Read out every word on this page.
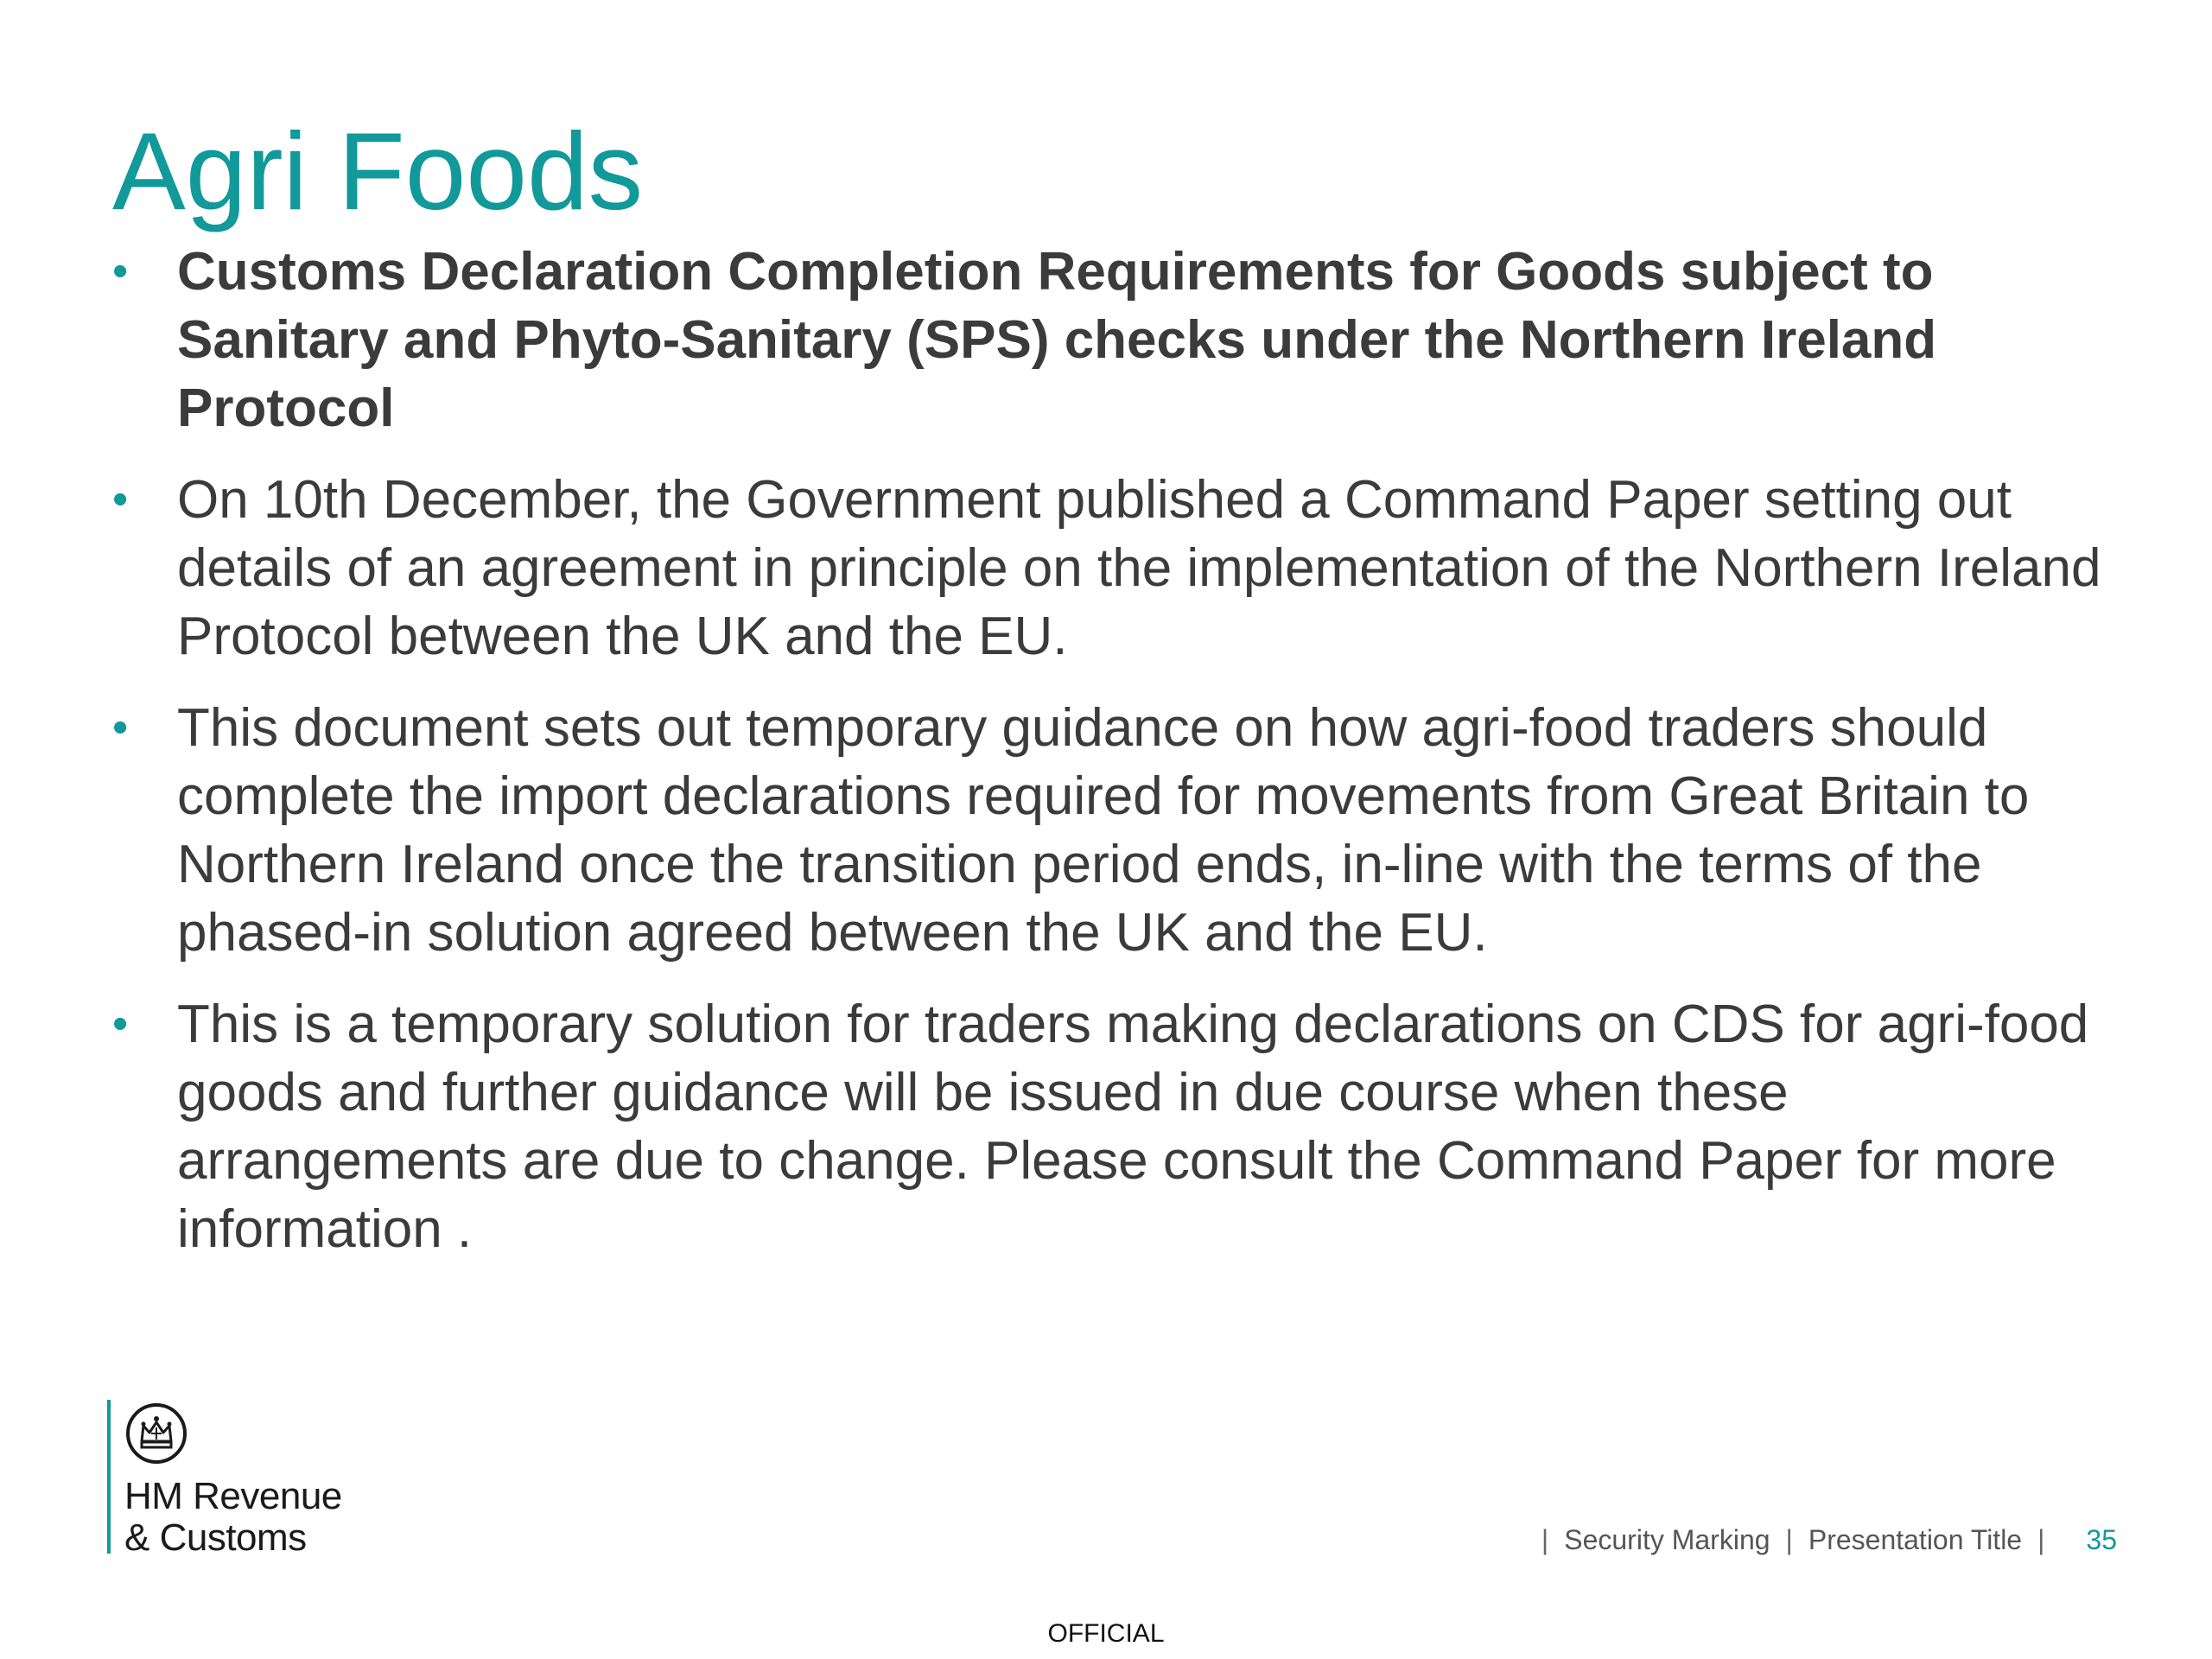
Agri Foods
• Customs Declaration Completion Requirements for Goods subject to Sanitary and Phyto-Sanitary (SPS) checks under the Northern Ireland Protocol
• On 10th December, the Government published a Command Paper setting out details of an agreement in principle on the implementation of the Northern Ireland Protocol between the UK and the EU.
• This document sets out temporary guidance on how agri-food traders should complete the import declarations required for movements from Great Britain to Northern Ireland once the transition period ends, in-line with the terms of the phased-in solution agreed between the UK and the EU.
• This is a temporary solution for traders making declarations on CDS for agri-food goods and further guidance will be issued in due course when these arrangements are due to change. Please consult the Command Paper for more information .
HM Revenue
& Customs	| Security Marking | Presentation Title | 35
OFFICIAL
